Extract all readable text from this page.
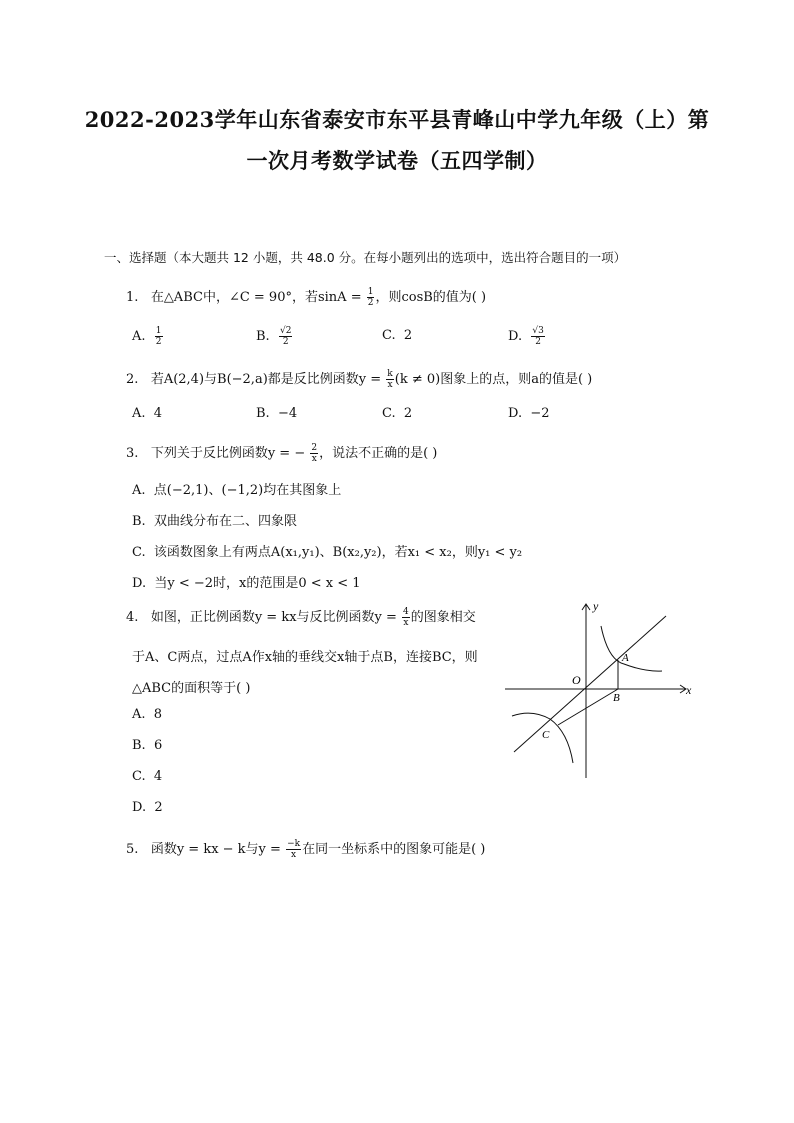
2022-2023学年山东省泰安市东平县青峰山中学九年级（上）第
一次月考数学试卷（五四学制）
一、选择题（本大题共 12 小题，共 48.0 分。在每小题列出的选项中，选出符合题目的一项）
1. 在△ABC中，∠C = 90°，若$\sin A = \frac{1}{2}$ ，则cosB的值为( )
A. $\frac{1}{2}$	B. $\frac{√2}{2}$	C. 2	D. $\frac{√3}{2}$
2. 若A(2,4)与B(−2,a)都是反比例函数$y = \frac{k}{x} (k \ne 0)$图象上的点，则a的值是( )
A. 4	B. −4	C. 2	D. −2
3. 下列关于反比例函数y = − $\frac{2}{x}$ ，说法不正确的是( )
A. 点(−2,1)、(−1,2)均在其图象上
B. 双曲线分布在二、四象限
C. 该函数图象上有两点A(x₁,y₁)、B(x₂,y₂)，若x₁ < x₂，则y₁ < y₂
D. 当y < −2时，x的范围是0 < x < 1
4. 如图，正比例函数y = kx与反比例函数$y = \frac{4}{x}$ 的图象相交
于A、C两点，过点A作x轴的垂线交x轴于点B，连接BC，则
△ABC的面积等于( )
A. 8
B. 6
C. 4
D. 2
y
x
O
A
B
C
5. 函数y = kx − k与$y = \frac{-k}{x}$ 在同一坐标系中的图象可能是( )
